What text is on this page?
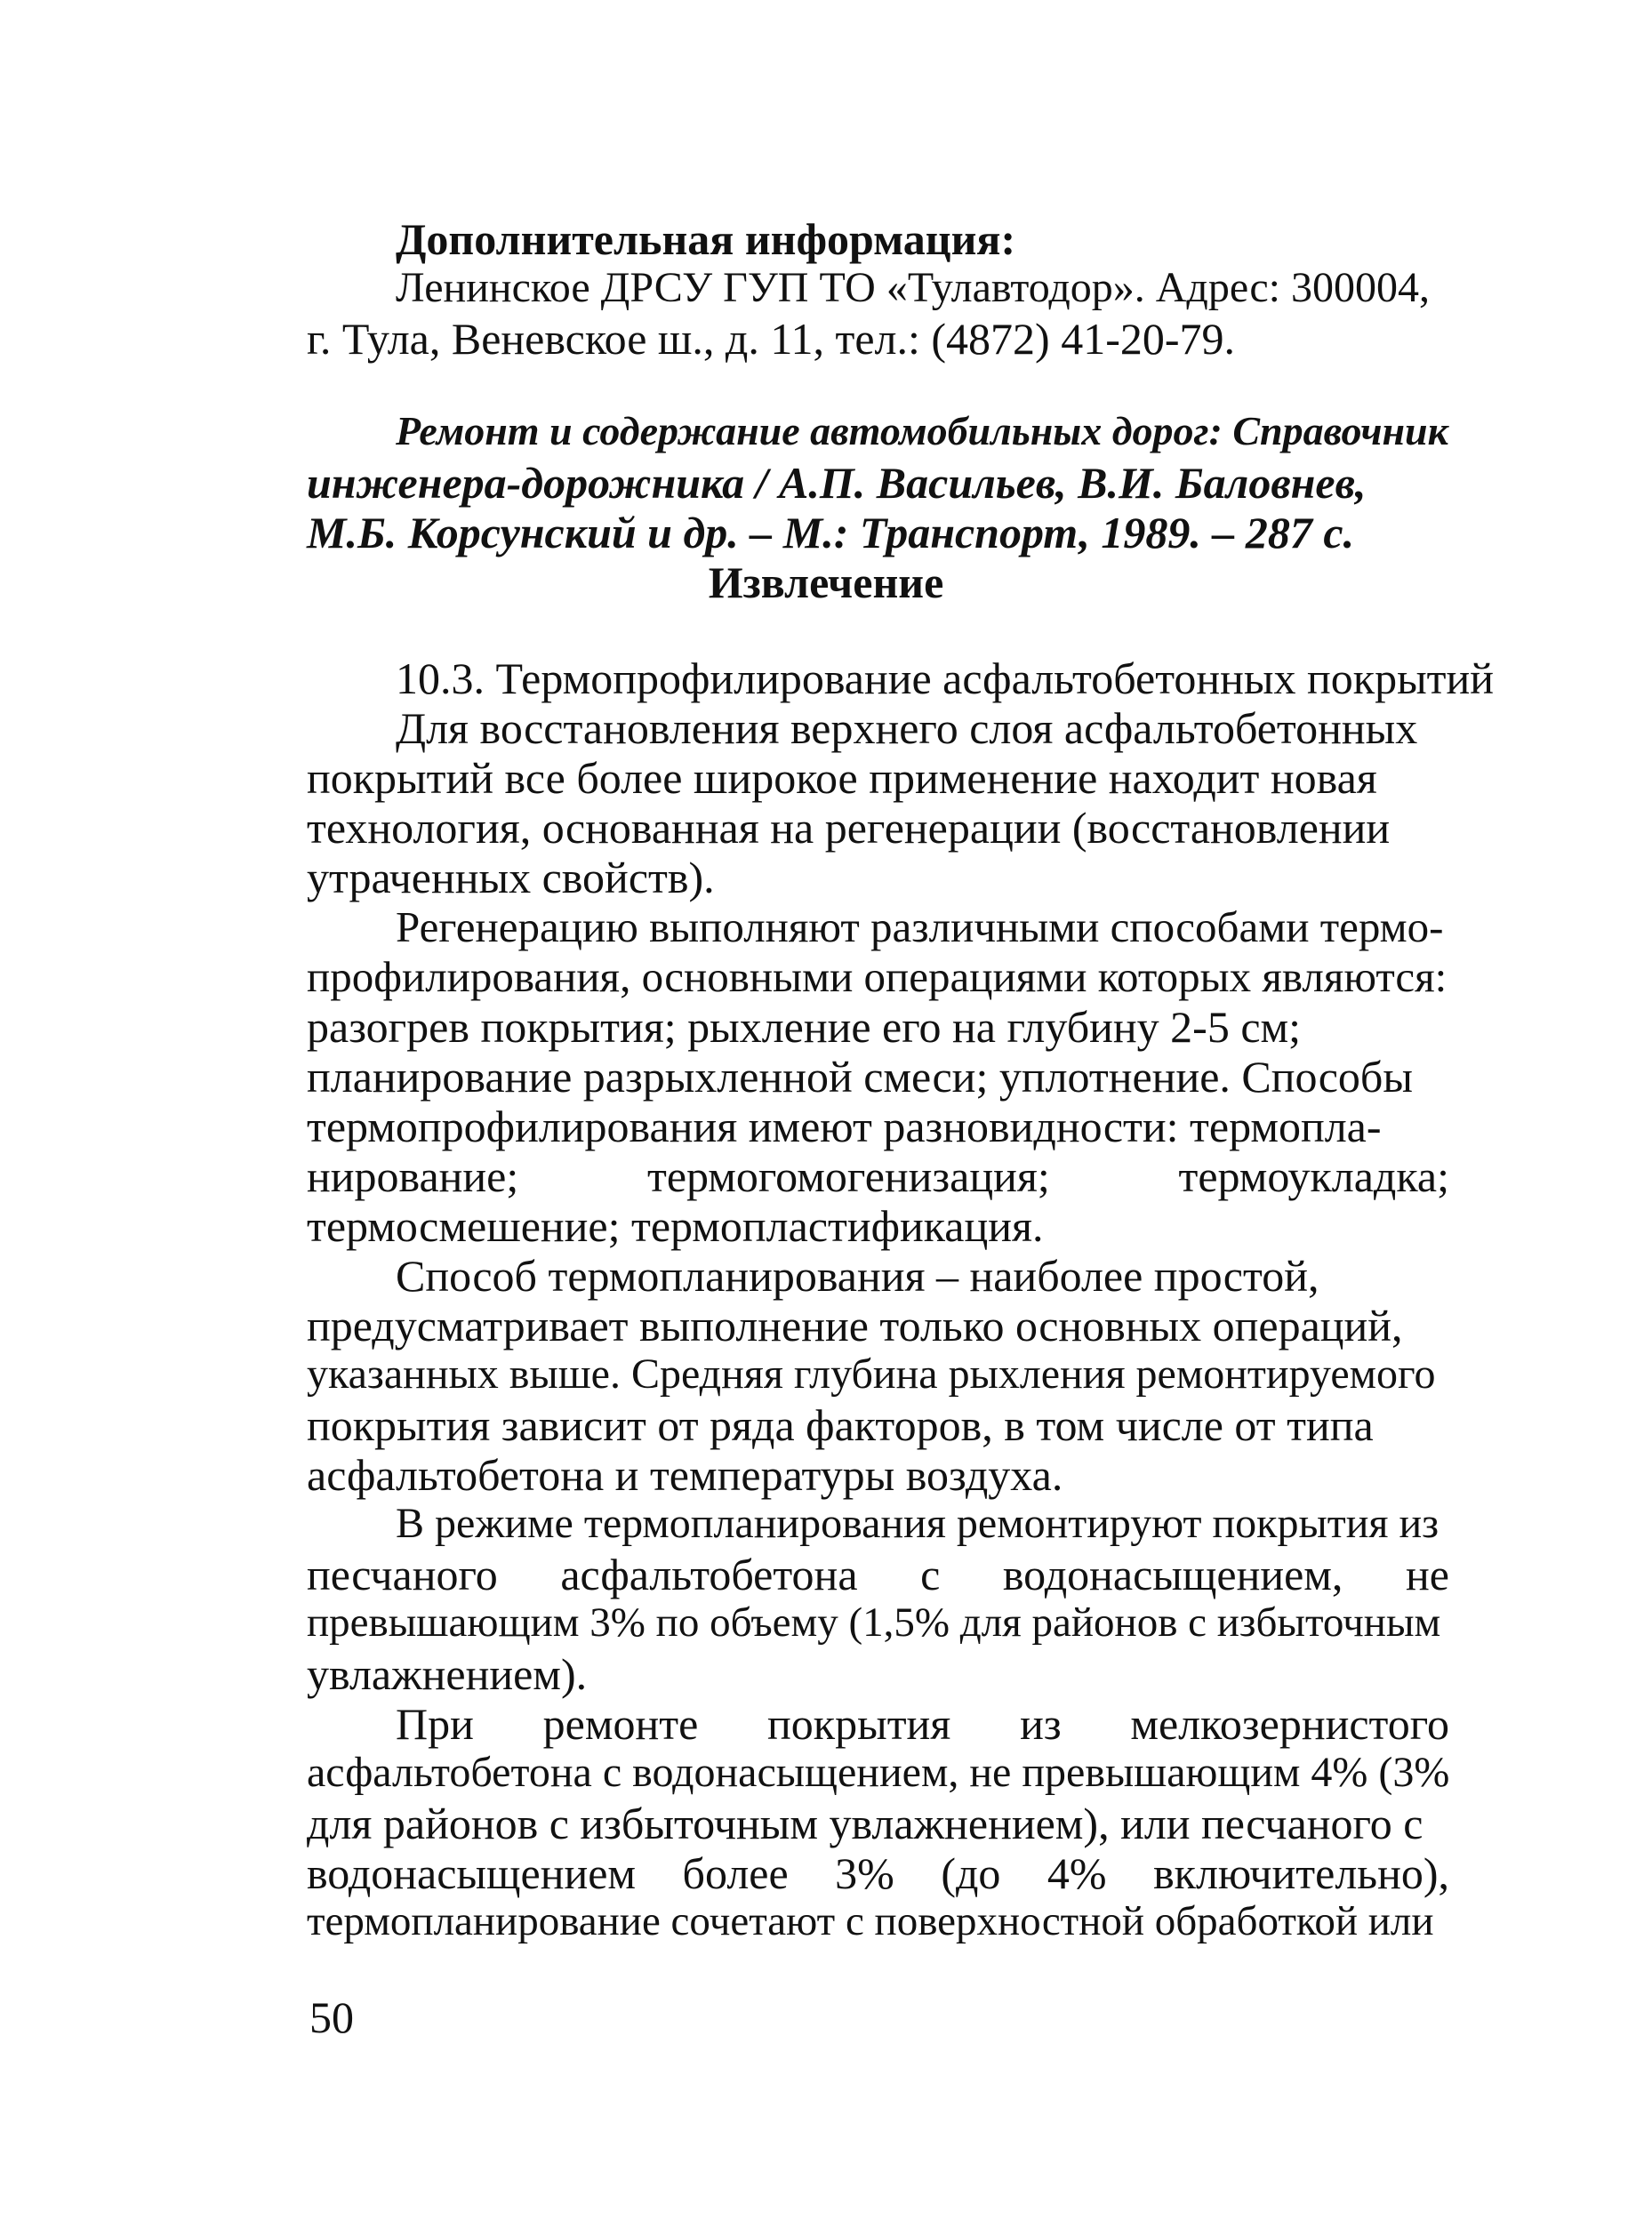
Дополнительная информация:
Ленинское ДРСУ ГУП ТО «Тулавтодор». Адрес: 300004,
г. Тула, Веневское ш., д. 11, тел.: (4872) 41-20-79.
Ремонт и содержание автомобильных дорог: Справочник
инженера-дорожника / А.П. Васильев, В.И. Баловнев,
М.Б. Корсунский и др. – М.: Транспорт, 1989. – 287 с.
Извлечение
10.3. Термопрофилирование асфальтобетонных покрытий
Для восстановления верхнего слоя асфальтобетонных
покрытий все более широкое применение находит новая
технология, основанная на регенерации (восстановлении
утраченных свойств).
Регенерацию выполняют различными способами термо-
профилирования, основными операциями которых являются:
разогрев покрытия; рыхление его на глубину 2-5 см;
планирование разрыхленной смеси; уплотнение. Способы
термопрофилирования имеют разновидности: термопла-
нирование;	термогомогенизация;	термоукладка;
термосмешение; термопластификация.
Способ термопланирования – наиболее простой,
предусматривает выполнение только основных операций,
указанных выше. Средняя глубина рыхления ремонтируемого
покрытия зависит от ряда факторов, в том числе от типа
асфальтобетона и температуры воздуха.
В режиме термопланирования ремонтируют покрытия из
песчаного асфальтобетона с водонасыщением, не
превышающим 3% по объему (1,5% для районов с избыточным
увлажнением).
При ремонте покрытия из мелкозернистого
асфальтобетона с водонасыщением, не превышающим 4% (3%
для районов с избыточным увлажнением), или песчаного с
водонасыщением более 3% (до 4% включительно),
термопланирование сочетают с поверхностной обработкой или
50
